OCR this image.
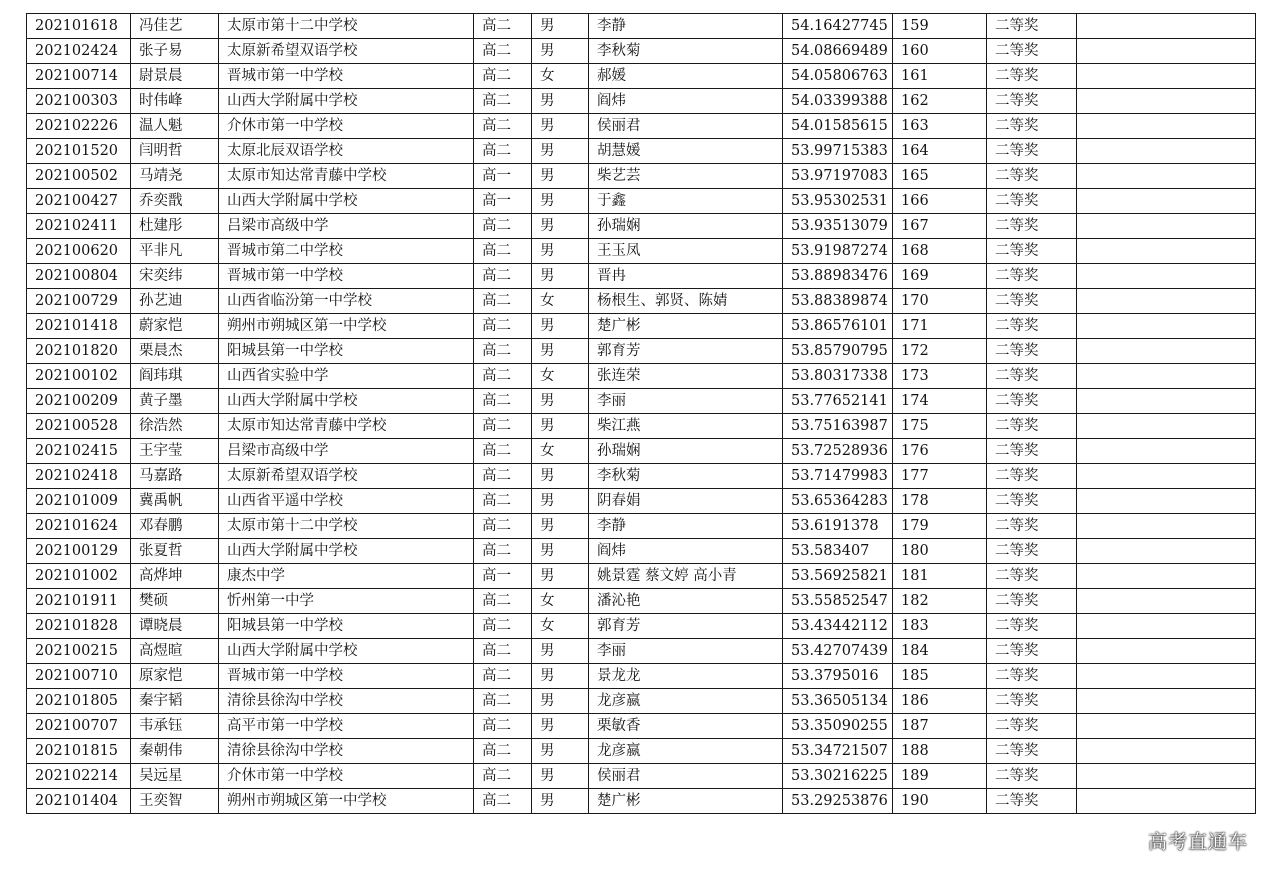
202101618	冯佳艺	太原市第十二中学校	高二	男	李静	54.16427745	159	二等奖	
202102424	张子易	太原新希望双语学校	高二	男	李秋菊	54.08669489	160	二等奖	
202100714	尉景晨	晋城市第一中学校	高二	女	郝媛	54.05806763	161	二等奖	
202100303	时伟峰	山西大学附属中学校	高二	男	阎炜	54.03399388	162	二等奖	
202102226	温人魁	介休市第一中学校	高二	男	侯丽君	54.01585615	163	二等奖	
202101520	闫明哲	太原北辰双语学校	高二	男	胡慧媛	53.99715383	164	二等奖	
202100502	马靖尧	太原市知达常青藤中学校	高一	男	柴艺芸	53.97197083	165	二等奖	
202100427	乔奕戬	山西大学附属中学校	高一	男	于鑫	53.95302531	166	二等奖	
202102411	杜建彤	吕梁市高级中学	高二	男	孙瑞娴	53.93513079	167	二等奖	
202100620	平非凡	晋城市第二中学校	高二	男	王玉凤	53.91987274	168	二等奖	
202100804	宋奕纬	晋城市第一中学校	高二	男	晋冉	53.88983476	169	二等奖	
202100729	孙艺迪	山西省临汾第一中学校	高二	女	杨根生、郭贤、陈婧	53.88389874	170	二等奖	
202101418	蔚家恺	朔州市朔城区第一中学校	高二	男	楚广彬	53.86576101	171	二等奖	
202101820	栗晨杰	阳城县第一中学校	高二	男	郭育芳	53.85790795	172	二等奖	
202100102	阎玮琪	山西省实验中学	高二	女	张连荣	53.80317338	173	二等奖	
202100209	黄子墨	山西大学附属中学校	高二	男	李丽	53.77652141	174	二等奖	
202100528	徐浩然	太原市知达常青藤中学校	高二	男	柴江燕	53.75163987	175	二等奖	
202102415	王宇莹	吕梁市高级中学	高二	女	孙瑞娴	53.72528936	176	二等奖	
202102418	马嘉路	太原新希望双语学校	高二	男	李秋菊	53.71479983	177	二等奖	
202101009	冀禹帆	山西省平遥中学校	高二	男	阴春娟	53.65364283	178	二等奖	
202101624	邓春鹏	太原市第十二中学校	高二	男	李静	53.6191378	179	二等奖	
202100129	张夏哲	山西大学附属中学校	高二	男	阎炜	53.583407	180	二等奖	
202101002	高烨坤	康杰中学	高一	男	姚景霆 蔡文婷 高小青	53.56925821	181	二等奖	
202101911	樊硕	忻州第一中学	高二	女	潘沁艳	53.55852547	182	二等奖	
202101828	谭晓晨	阳城县第一中学校	高二	女	郭育芳	53.43442112	183	二等奖	
202100215	高煜暄	山西大学附属中学校	高二	男	李丽	53.42707439	184	二等奖	
202100710	原家恺	晋城市第一中学校	高二	男	景龙龙	53.3795016	185	二等奖	
202101805	秦宇韬	清徐县徐沟中学校	高二	男	龙彦嬴	53.36505134	186	二等奖	
202100707	韦承钰	高平市第一中学校	高二	男	栗敏香	53.35090255	187	二等奖	
202101815	秦朝伟	清徐县徐沟中学校	高二	男	龙彦嬴	53.34721507	188	二等奖	
202102214	吴远星	介休市第一中学校	高二	男	侯丽君	53.30216225	189	二等奖	
202101404	王奕智	朔州市朔城区第一中学校	高二	男	楚广彬	53.29253876	190	二等奖	
高考直通车
